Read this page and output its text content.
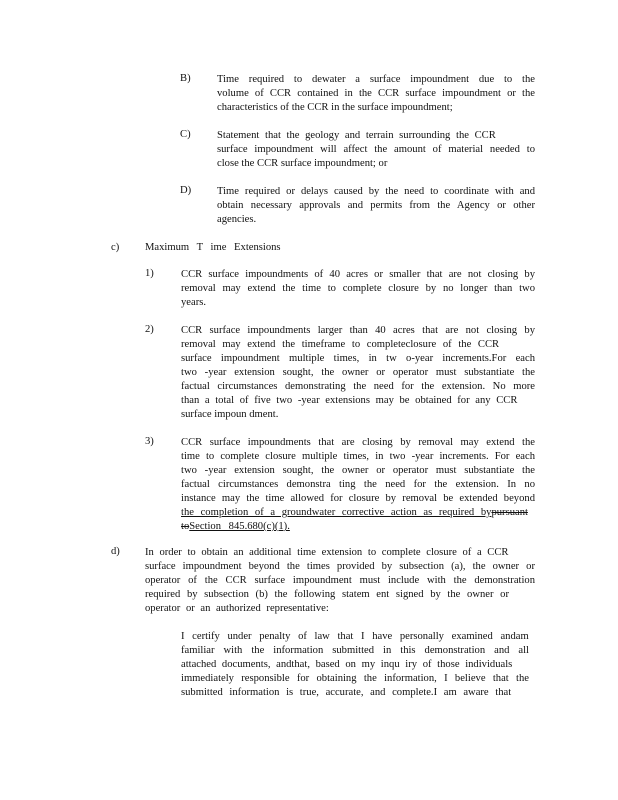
B) Time required to dewater a surface impoundment due to the
volume of CCR contained in the CCR surface impoundment or the
characteristics of the CCR in the surface impoundment;
C) Statement that the geology and terrain surrounding the CCR
surface impoundment will affect the amount of material needed to
close the CCR surface impoundment; or
D) Time required or delays caused by the need to coordinate with and
obtain necessary approvals and permits from the Agency or other
agencies.
c) Maximum T ime Extensions
1)	CCR surface impoundments of 40 acres or smaller that are not closing by
removal may extend the time to complete closure by no longer than two
years.
2)	CCR surface impoundments larger than 40 acres that are not closing by
removal may extend the timeframe to completeclosure of the CCR
surface impoundment multiple times, in tw o-year increments.For each
two -year extension sought, the owner or operator must substantiate the
factual circumstances demonstrating the need for the extension. No more
than a total of five two -year extensions may be obtained for any CCR
surface impoun dment.
3)	CCR surface impoundments that are closing by removal may extend the
time to complete closure multiple times, in two -year increments. For each
two -year extension sought, the owner or operator must substantiate the
factual circumstances demonstra ting the need for the extension. In no
instance may the time allowed for closure by removal be extended beyond
the completion of a groundwater corrective action as required bypursuant
toSection 845.680(c)(1).
d) In order to obtain an additional time extension to complete closure of a CCR
surface impoundment beyond the times provided by subsection (a), the owner or
operator of the CCR surface impoundment must include with the demonstration
required by subsection (b) the following statem ent signed by the owner or
operator or an authorized representative:
I certify under penalty of law that I have personally examined andam
familiar with the information submitted in this demonstration and all
attached documents, andthat, based on my inqu iry of those individuals
immediately responsible for obtaining the information, I believe that the
submitted information is true, accurate, and complete.I am aware that
